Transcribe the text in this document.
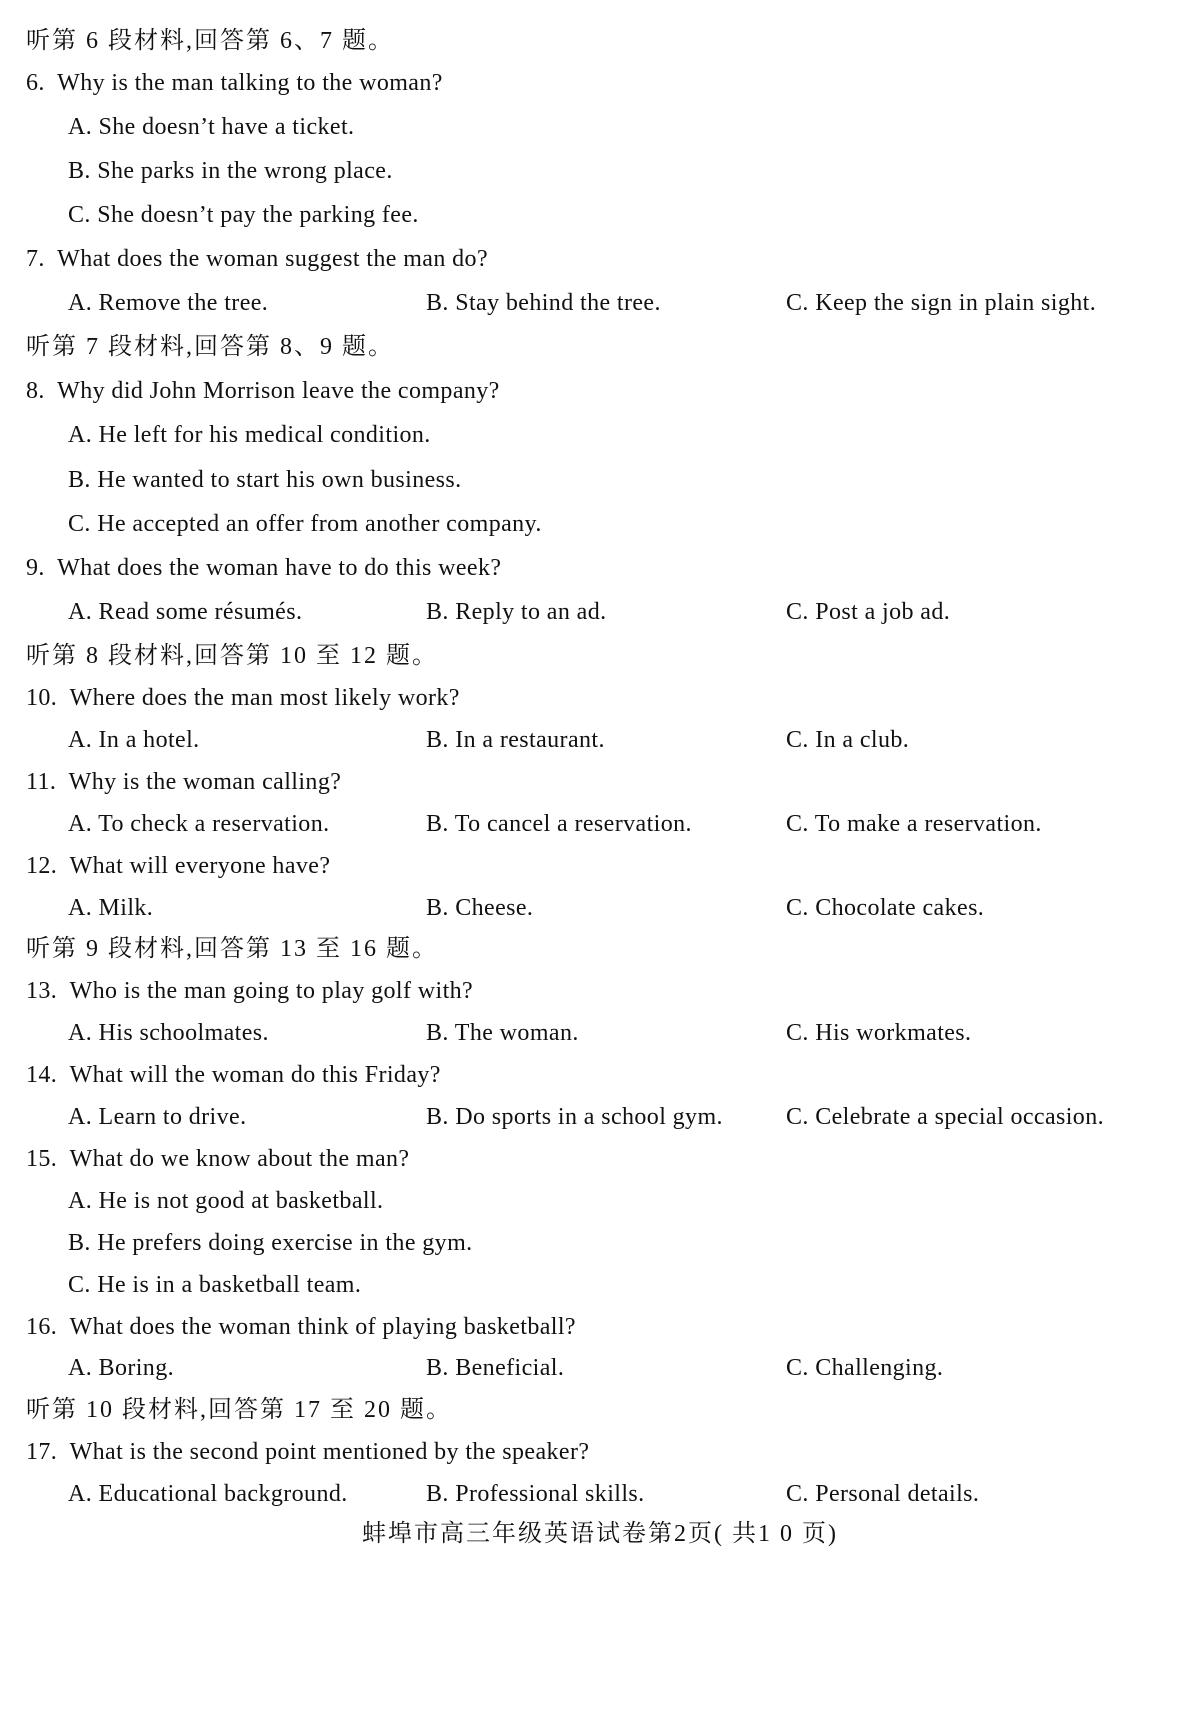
听第 6 段材料,回答第 6、7 题。
6.  Why is the man talking to the woman?
A. She doesn’t have a ticket.
B. She parks in the wrong place.
C. She doesn’t pay the parking fee.
7.  What does the woman suggest the man do?
A. Remove the tree.	B. Stay behind the tree.	C. Keep the sign in plain sight.
听第 7 段材料,回答第 8、9 题。
8.  Why did John Morrison leave the company?
A. He left for his medical condition.
B. He wanted to start his own business.
C. He accepted an offer from another company.
9.  What does the woman have to do this week?
A. Read some résumés.	B. Reply to an ad.	C. Post a job ad.
听第 8 段材料,回答第 10 至 12 题。
10.  Where does the man most likely work?
A. In a hotel.	B. In a restaurant.	C. In a club.
11.  Why is the woman calling?
A. To check a reservation.	B. To cancel a reservation.	C. To make a reservation.
12.  What will everyone have?
A. Milk.	B. Cheese.	C. Chocolate cakes.
听第 9 段材料,回答第 13 至 16 题。
13.  Who is the man going to play golf with?
A. His schoolmates.	B. The woman.	C. His workmates.
14.  What will the woman do this Friday?
A. Learn to drive.	B. Do sports in a school gym.	C. Celebrate a special occasion.
15.  What do we know about the man?
A. He is not good at basketball.
B. He prefers doing exercise in the gym.
C. He is in a basketball team.
16.  What does the woman think of playing basketball?
A. Boring.	B. Beneficial.	C. Challenging.
听第 10 段材料,回答第 17 至 20 题。
17.  What is the second point mentioned by the speaker?
A. Educational background.	B. Professional skills.	C. Personal details.
蚌埠市高三年级英语试卷第2页( 共1 0 页)
